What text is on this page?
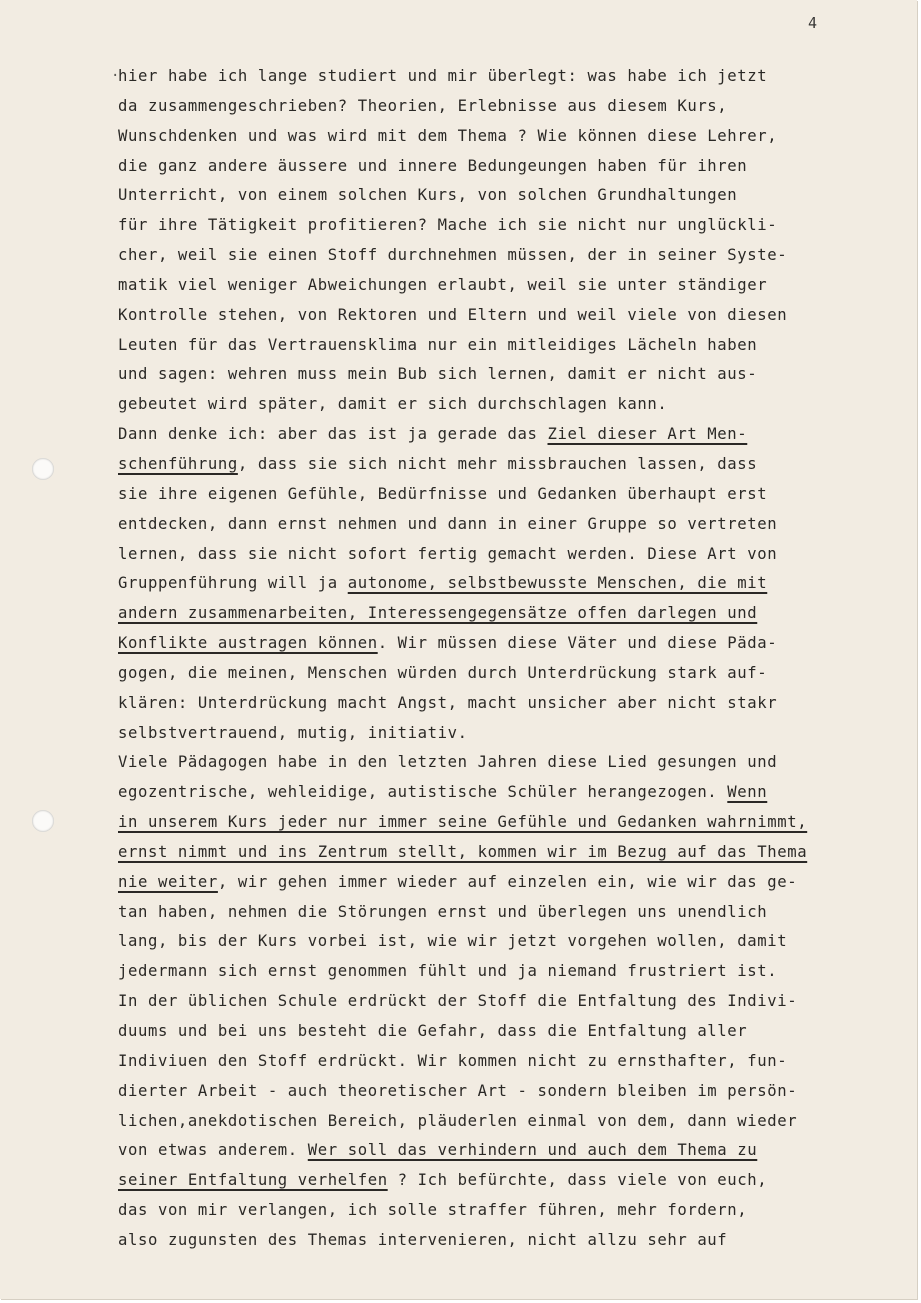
4
·
hier habe ich lange studiert und mir überlegt: was habe ich jetzt
da zusammengeschrieben? Theorien, Erlebnisse aus diesem Kurs,
Wunschdenken und was wird mit dem Thema ? Wie können diese Lehrer,
die ganz andere äussere und innere Bedungeungen haben für ihren
Unterricht, von einem solchen Kurs, von solchen Grundhaltungen
für ihre Tätigkeit profitieren? Mache ich sie nicht nur unglückli-
cher, weil sie einen Stoff durchnehmen müssen, der in seiner Syste-
matik viel weniger Abweichungen erlaubt, weil sie unter ständiger
Kontrolle stehen, von Rektoren und Eltern und weil viele von diesen
Leuten für das Vertrauensklima nur ein mitleidiges Lächeln haben
und sagen: wehren muss mein Bub sich lernen, damit er nicht aus-
gebeutet wird später, damit er sich durchschlagen kann.
Dann denke ich: aber das ist ja gerade das Ziel dieser Art Men-
schenführung, dass sie sich nicht mehr missbrauchen lassen, dass
sie ihre eigenen Gefühle, Bedürfnisse und Gedanken überhaupt erst
entdecken, dann ernst nehmen und dann in einer Gruppe so vertreten
lernen, dass sie nicht sofort fertig gemacht werden. Diese Art von
Gruppenführung will ja autonome, selbstbewusste Menschen, die mit
andern zusammenarbeiten, Interessengegensätze offen darlegen und
Konflikte austragen können. Wir müssen diese Väter und diese Päda-
gogen, die meinen, Menschen würden durch Unterdrückung stark auf-
klären: Unterdrückung macht Angst, macht unsicher aber nicht stakr
selbstvertrauend, mutig, initiativ.
Viele Pädagogen habe in den letzten Jahren diese Lied gesungen und
egozentrische, wehleidige, autistische Schüler herangezogen. Wenn
in unserem Kurs jeder nur immer seine Gefühle und Gedanken wahrnimmt,
ernst nimmt und ins Zentrum stellt, kommen wir im Bezug auf das Thema
nie weiter, wir gehen immer wieder auf einzelen ein, wie wir das ge-
tan haben, nehmen die Störungen ernst und überlegen uns unendlich
lang, bis der Kurs vorbei ist, wie wir jetzt vorgehen wollen, damit
jedermann sich ernst genommen fühlt und ja niemand frustriert ist.
In der üblichen Schule erdrückt der Stoff die Entfaltung des Indivi-
duums und bei uns besteht die Gefahr, dass die Entfaltung aller
Indiviuen den Stoff erdrückt. Wir kommen nicht zu ernsthafter, fun-
dierter Arbeit - auch theoretischer Art - sondern bleiben im persön-
lichen,anekdotischen Bereich, pläuderlen einmal von dem, dann wieder
von etwas anderem. Wer soll das verhindern und auch dem Thema zu
seiner Entfaltung verhelfen ? Ich befürchte, dass viele von euch,
das von mir verlangen, ich solle straffer führen, mehr fordern,
also zugunsten des Themas intervenieren, nicht allzu sehr auf
